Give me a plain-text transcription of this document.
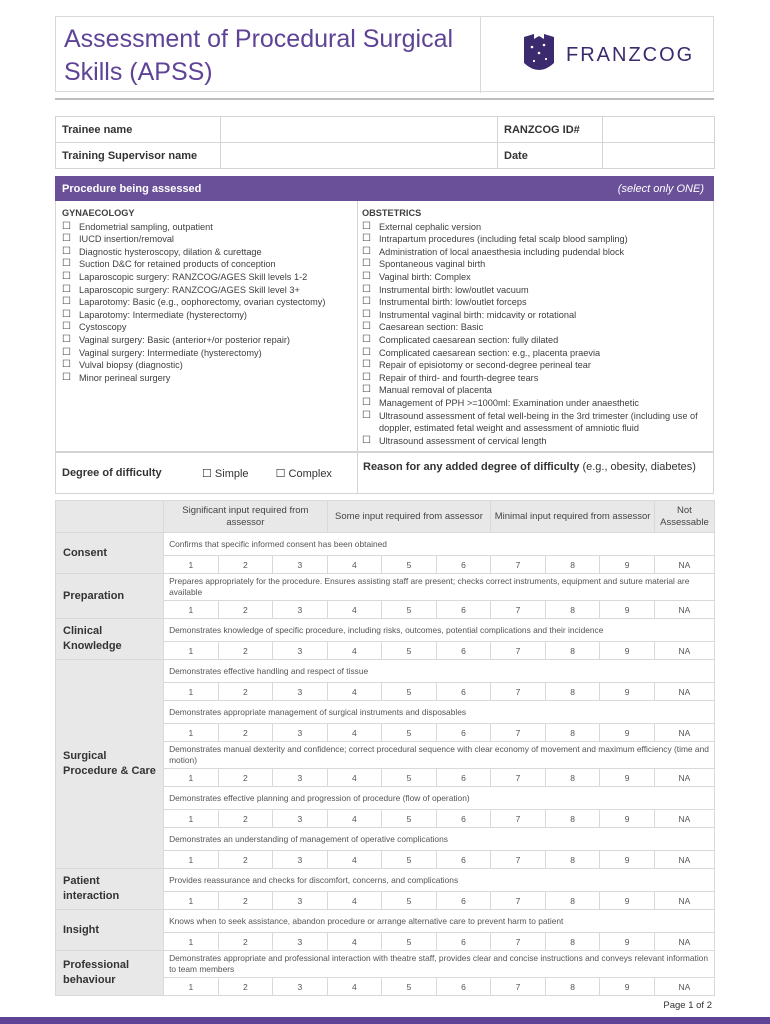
Assessment of Procedural Surgical Skills (APSS)
FRANZCOG
Trainee name		RANZCOG ID#	
Training Supervisor name		Date	
Procedure being assessed	(select only ONE)
GYNAECOLOGY
☐ Endometrial sampling, outpatient
☐ IUCD insertion/removal
☐ Diagnostic hysteroscopy, dilation & curettage
☐ Suction D&C for retained products of conception
☐ Laparoscopic surgery: RANZCOG/AGES Skill levels 1-2
☐ Laparoscopic surgery: RANZCOG/AGES Skill level 3+
☐ Laparotomy: Basic (e.g., oophorectomy, ovarian cystectomy)
☐ Laparotomy: Intermediate (hysterectomy)
☐ Cystoscopy
☐ Vaginal surgery: Basic (anterior+/or posterior repair)
☐ Vaginal surgery: Intermediate (hysterectomy)
☐ Vulval biopsy (diagnostic)
☐ Minor perineal surgery
OBSTETRICS
☐ External cephalic version
☐ Intrapartum procedures (including fetal scalp blood sampling)
☐ Administration of local anaesthesia including pudendal block
☐ Spontaneous vaginal birth
☐ Vaginal birth: Complex
☐ Instrumental birth: low/outlet vacuum
☐ Instrumental birth: low/outlet forceps
☐ Instrumental vaginal birth: midcavity or rotational
☐ Caesarean section: Basic
☐ Complicated caesarean section: fully dilated
☐ Complicated caesarean section: e.g., placenta praevia
☐ Repair of episiotomy or second-degree perineal tear
☐ Repair of third- and fourth-degree tears
☐ Manual removal of placenta
☐ Management of PPH >=1000ml: Examination under anaesthetic
☐ Ultrasound assessment of fetal well-being in the 3rd trimester (including use of doppler, estimated fetal weight and assessment of amniotic fluid
☐ Ultrasound assessment of cervical length
Degree of difficulty	☐ Simple ☐ Complex
Reason for any added degree of difficulty (e.g., obesity, diabetes)
	Significant input required from assessor			Some input required from assessor			Minimal input required from assessor			Not Assessable
Consent	Confirms that specific informed consent has been obtained									
	1	2	3	4	5	6	7	8	9	NA
Preparation	Prepares appropriately for the procedure. Ensures assisting staff are present; checks correct instruments, equipment and suture material are available									
	1	2	3	4	5	6	7	8	9	NA
Clinical Knowledge	Demonstrates knowledge of specific procedure, including risks, outcomes, potential complications and their incidence									
	1	2	3	4	5	6	7	8	9	NA
Surgical Procedure & Care	Demonstrates effective handling and respect of tissue									
	1	2	3	4	5	6	7	8	9	NA
	Demonstrates appropriate management of surgical instruments and disposables									
	1	2	3	4	5	6	7	8	9	NA
	Demonstrates manual dexterity and confidence; correct procedural sequence with clear economy of movement and maximum efficiency (time and motion)									
	1	2	3	4	5	6	7	8	9	NA
	Demonstrates effective planning and progression of procedure (flow of operation)									
	1	2	3	4	5	6	7	8	9	NA
	Demonstrates an understanding of management of operative complications									
	1	2	3	4	5	6	7	8	9	NA
Patient interaction	Provides reassurance and checks for discomfort, concerns, and complications									
	1	2	3	4	5	6	7	8	9	NA
Insight	Knows when to seek assistance, abandon procedure or arrange alternative care to prevent harm to patient									
	1	2	3	4	5	6	7	8	9	NA
Professional behaviour	Demonstrates appropriate and professional interaction with theatre staff, provides clear and concise instructions and conveys relevant information to team members									
	1	2	3	4	5	6	7	8	9	NA
Page 1 of 2
